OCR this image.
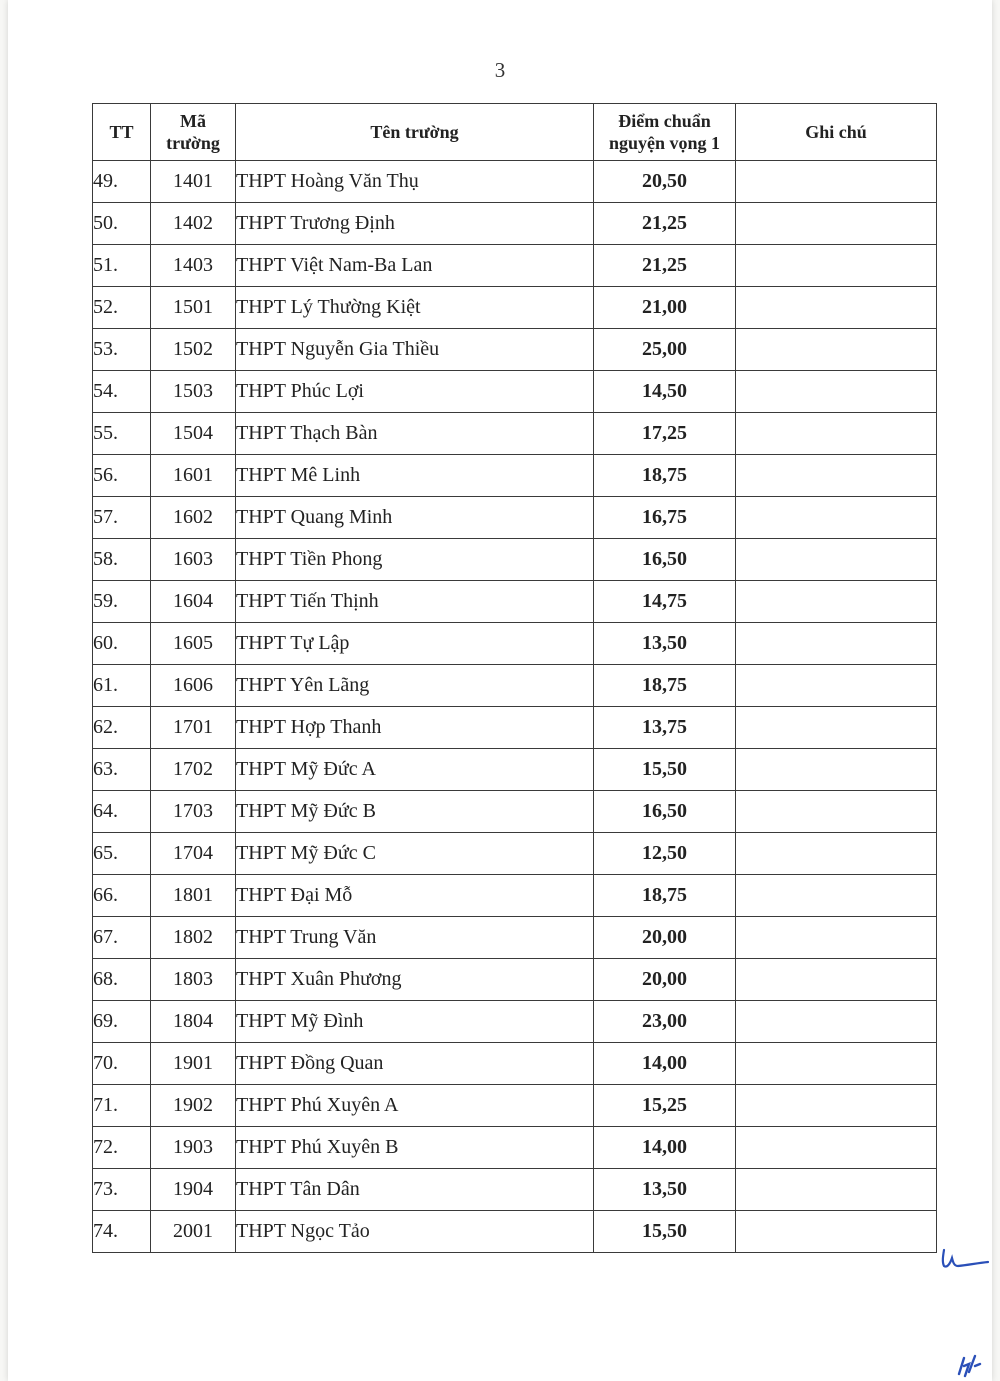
3
TT	Mã trường	Tên trường	Điểm chuẩn nguyện vọng 1	Ghi chú
49.	1401	THPT Hoàng Văn Thụ	20,50	
50.	1402	THPT Trương Định	21,25	
51.	1403	THPT Việt Nam-Ba Lan	21,25	
52.	1501	THPT Lý Thường Kiệt	21,00	
53.	1502	THPT Nguyễn Gia Thiều	25,00	
54.	1503	THPT Phúc Lợi	14,50	
55.	1504	THPT Thạch Bàn	17,25	
56.	1601	THPT Mê Linh	18,75	
57.	1602	THPT Quang Minh	16,75	
58.	1603	THPT Tiền Phong	16,50	
59.	1604	THPT Tiến Thịnh	14,75	
60.	1605	THPT Tự Lập	13,50	
61.	1606	THPT Yên Lãng	18,75	
62.	1701	THPT Hợp Thanh	13,75	
63.	1702	THPT Mỹ Đức A	15,50	
64.	1703	THPT Mỹ Đức B	16,50	
65.	1704	THPT Mỹ Đức C	12,50	
66.	1801	THPT Đại Mỗ	18,75	
67.	1802	THPT Trung Văn	20,00	
68.	1803	THPT Xuân Phương	20,00	
69.	1804	THPT Mỹ Đình	23,00	
70.	1901	THPT Đồng Quan	14,00	
71.	1902	THPT Phú Xuyên A	15,25	
72.	1903	THPT Phú Xuyên B	14,00	
73.	1904	THPT Tân Dân	13,50	
74.	2001	THPT Ngọc Tảo	15,50	
